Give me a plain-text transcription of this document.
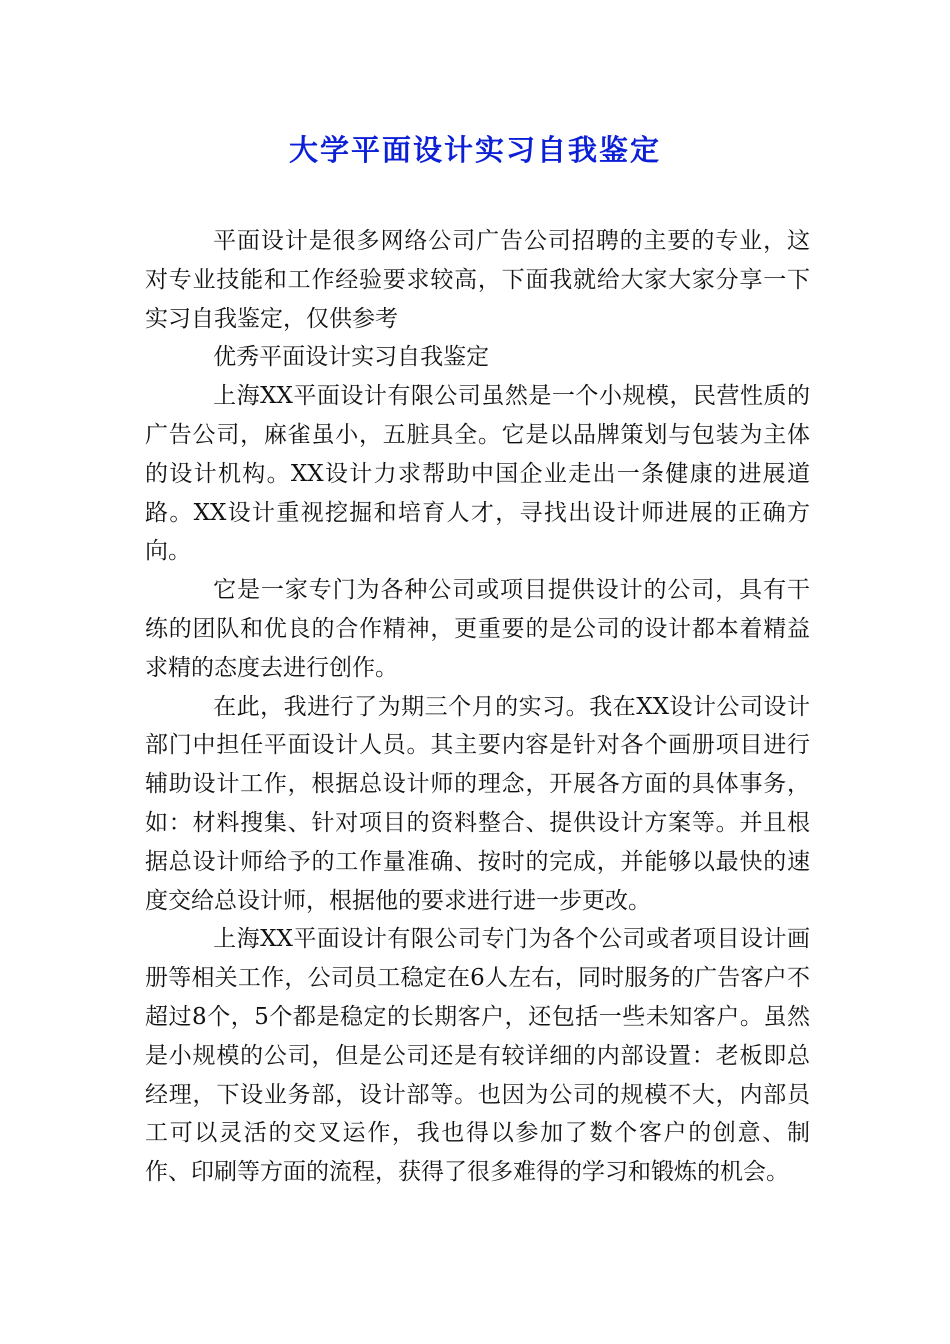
大学平面设计实习自我鉴定

平面设计是很多网络公司广告公司招聘的主要的专业，这对专业技能和工作经验要求较高，下面我就给大家大家分享一下实习自我鉴定，仅供参考

优秀平面设计实习自我鉴定

上海XX平面设计有限公司虽然是一个小规模，民营性质的广告公司，麻雀虽小，五脏具全。它是以品牌策划与包装为主体的设计机构。XX设计力求帮助中国企业走出一条健康的进展道路。XX设计重视挖掘和培育人才，寻找出设计师进展的正确方向。

它是一家专门为各种公司或项目提供设计的公司，具有干练的团队和优良的合作精神，更重要的是公司的设计都本着精益求精的态度去进行创作。

在此，我进行了为期三个月的实习。我在XX设计公司设计部门中担任平面设计人员。其主要内容是针对各个画册项目进行辅助设计工作，根据总设计师的理念，开展各方面的具体事务，如：材料搜集、针对项目的资料整合、提供设计方案等。并且根据总设计师给予的工作量准确、按时的完成，并能够以最快的速度交给总设计师，根据他的要求进行进一步更改。

上海XX平面设计有限公司专门为各个公司或者项目设计画册等相关工作，公司员工稳定在6人左右，同时服务的广告客户不超过8个，5个都是稳定的长期客户，还包括一些未知客户。虽然是小规模的公司，但是公司还是有较详细的内部设置：老板即总经理，下设业务部，设计部等。也因为公司的规模不大，内部员工可以灵活的交叉运作，我也得以参加了数个客户的创意、制作、印刷等方面的流程，获得了很多难得的学习和锻炼的机会。
